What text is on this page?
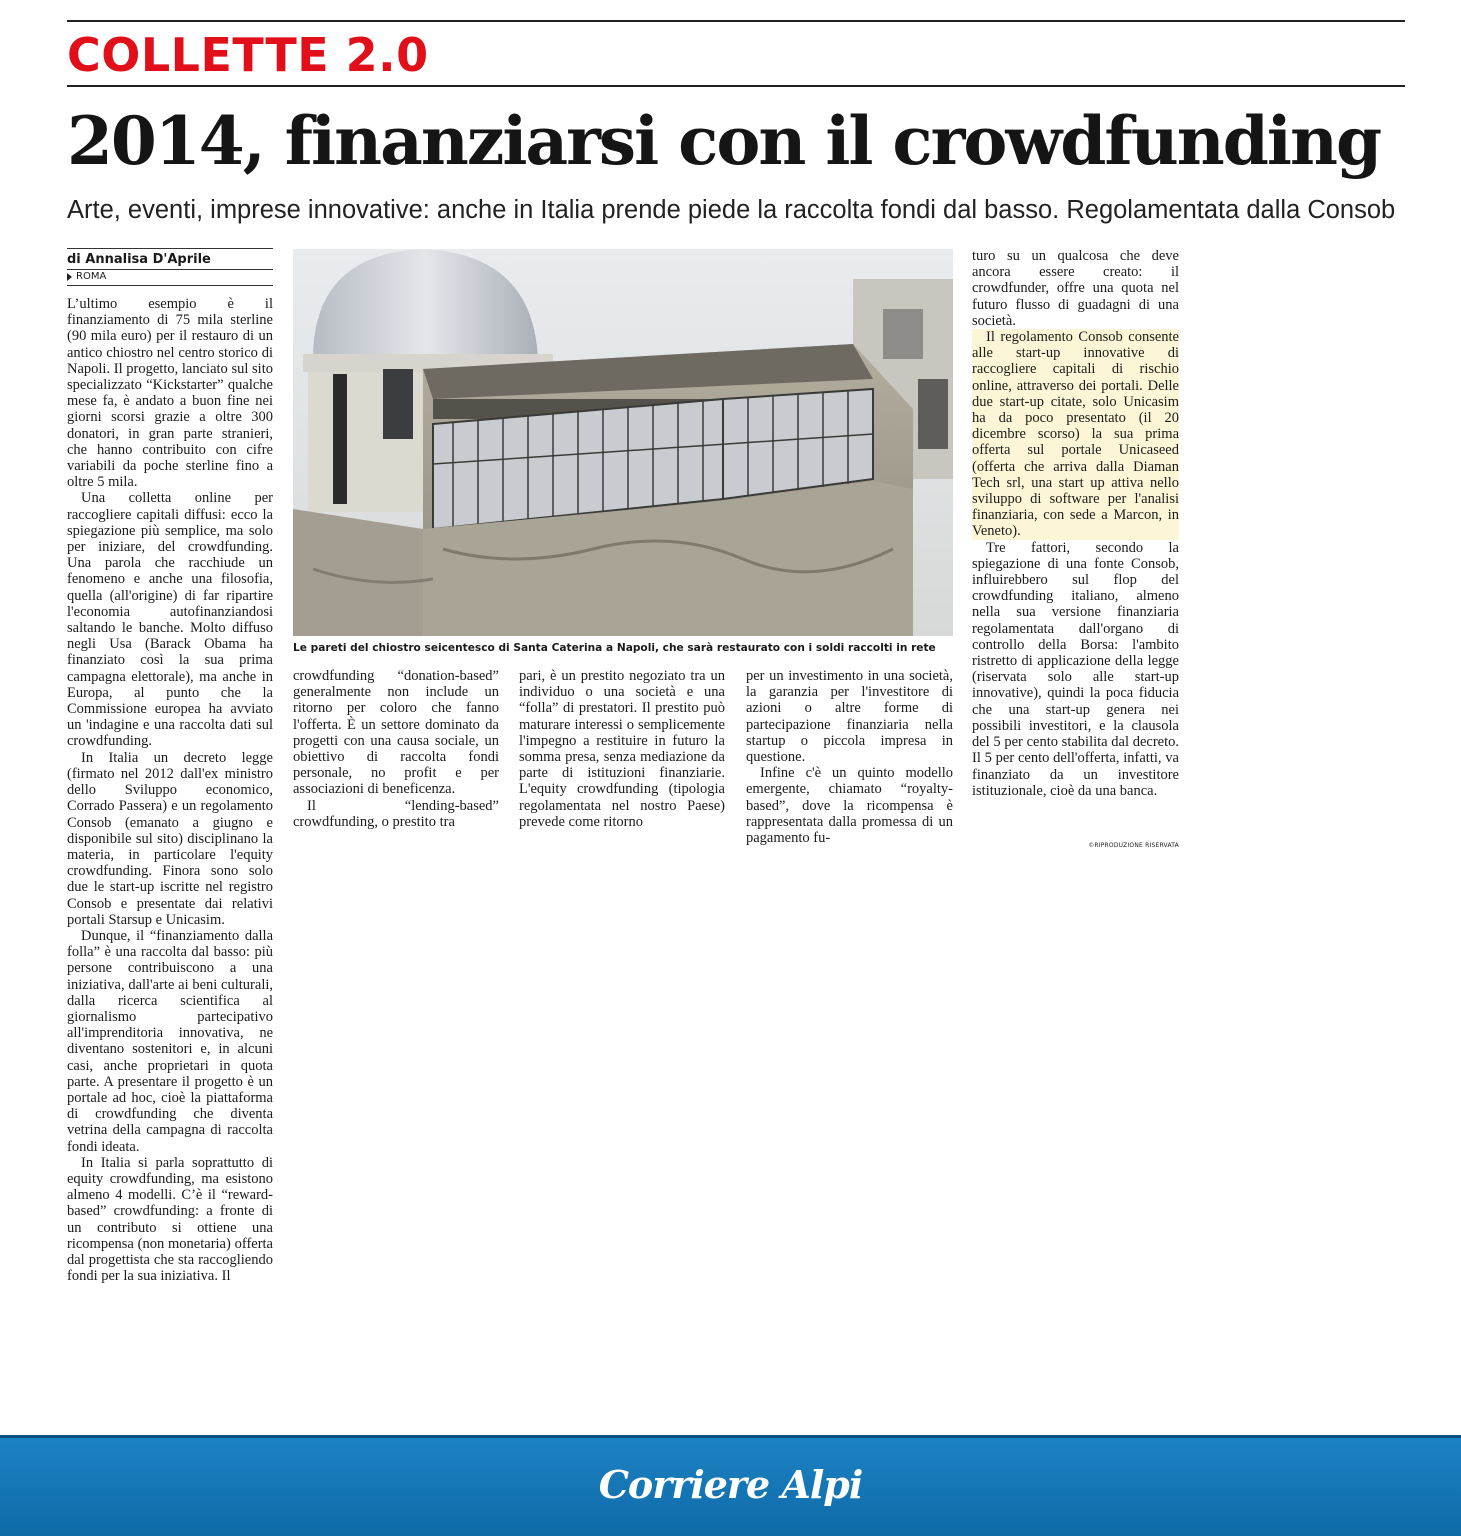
COLLETTE 2.0
2014, finanziarsi con il crowdfunding

Arte, eventi, imprese innovative: anche in Italia prende piede la raccolta fondi dal basso. Regolamentata dalla Consob

di Annalisa D'Aprile
ROMA

L’ultimo esempio è il finanziamento di 75 mila sterline (90 mila euro) per il restauro di un antico chiostro nel centro storico di Napoli. Il progetto, lanciato sul sito specializzato “Kickstarter” qualche mese fa, è andato a buon fine nei giorni scorsi grazie a oltre 300 donatori, in gran parte stranieri, che hanno contribuito con cifre variabili da poche sterline fino a oltre 5 mila.

Una colletta online per raccogliere capitali diffusi: ecco la spiegazione più semplice, ma solo per iniziare, del crowdfunding. Una parola che racchiude un fenomeno e anche una filosofia, quella (all'origine) di far ripartire l'economia autofinanziandosi saltando le banche. Molto diffuso negli Usa (Barack Obama ha finanziato così la sua prima campagna elettorale), ma anche in Europa, al punto che la Commissione europea ha avviato un 'indagine e una raccolta dati sul crowdfunding.

In Italia un decreto legge (firmato nel 2012 dall'ex ministro dello Sviluppo economico, Corrado Passera) e un regolamento Consob (emanato a giugno e disponibile sul sito) disciplinano la materia, in particolare l'equity crowdfunding. Finora sono solo due le start-up iscritte nel registro Consob e presentate dai relativi portali Starsup e Unicasim.

Dunque, il “finanziamento dalla folla” è una raccolta dal basso: più persone contribuiscono a una iniziativa, dall'arte ai beni culturali, dalla ricerca scientifica al giornalismo partecipativo all'imprenditoria innovativa, ne diventano sostenitori e, in alcuni casi, anche proprietari in quota parte. A presentare il progetto è un portale ad hoc, cioè la piattaforma di crowdfunding che diventa vetrina della campagna di raccolta fondi ideata.

In Italia si parla soprattutto di equity crowdfunding, ma esistono almeno 4 modelli. C’è il “reward-based” crowdfunding: a fronte di un contributo si ottiene una ricompensa (non monetaria) offerta dal progettista che sta raccogliendo fondi per la sua iniziativa. Il

Le pareti del chiostro seicentesco di Santa Caterina a Napoli, che sarà restaurato con i soldi raccolti in rete

crowdfunding “donation-based” generalmente non include un ritorno per coloro che fanno l'offerta. È un settore dominato da progetti con una causa sociale, un obiettivo di raccolta fondi personale, no profit e per associazioni di beneficenza.

Il “lending-based” crowdfunding, o prestito tra

pari, è un prestito negoziato tra un individuo o una società e una “folla” di prestatori. Il prestito può maturare interessi o semplicemente l'impegno a restituire in futuro la somma presa, senza mediazione da parte di istituzioni finanziarie. L'equity crowdfunding (tipologia regolamentata nel nostro Paese) prevede come ritorno

per un investimento in una società, la garanzia per l'investitore di azioni o altre forme di partecipazione finanziaria nella startup o piccola impresa in questione.

Infine c'è un quinto modello emergente, chiamato “royalty-based”, dove la ricompensa è rappresentata dalla promessa di un pagamento fu-

turo su un qualcosa che deve ancora essere creato: il crowdfunder, offre una quota nel futuro flusso di guadagni di una società.

Il regolamento Consob consente alle start-up innovative di raccogliere capitali di rischio online, attraverso dei portali. Delle due start-up citate, solo Unicasim ha da poco presentato (il 20 dicembre scorso) la sua prima offerta sul portale Unicaseed (offerta che arriva dalla Diaman Tech srl, una start up attiva nello sviluppo di software per l'analisi finanziaria, con sede a Marcon, in Veneto).

Tre fattori, secondo la spiegazione di una fonte Consob, influirebbero sul flop del crowdfunding italiano, almeno nella sua versione finanziaria regolamentata dall'organo di controllo della Borsa: l'ambito ristretto di applicazione della legge (riservata solo alle start-up innovative), quindi la poca fiducia che una start-up genera nei possibili investitori, e la clausola del 5 per cento stabilita dal decreto. Il 5 per cento dell'offerta, infatti, va finanziato da un investitore istituzionale, cioè da una banca.

©RIPRODUZIONE RISERVATA

Corriere Alpi
